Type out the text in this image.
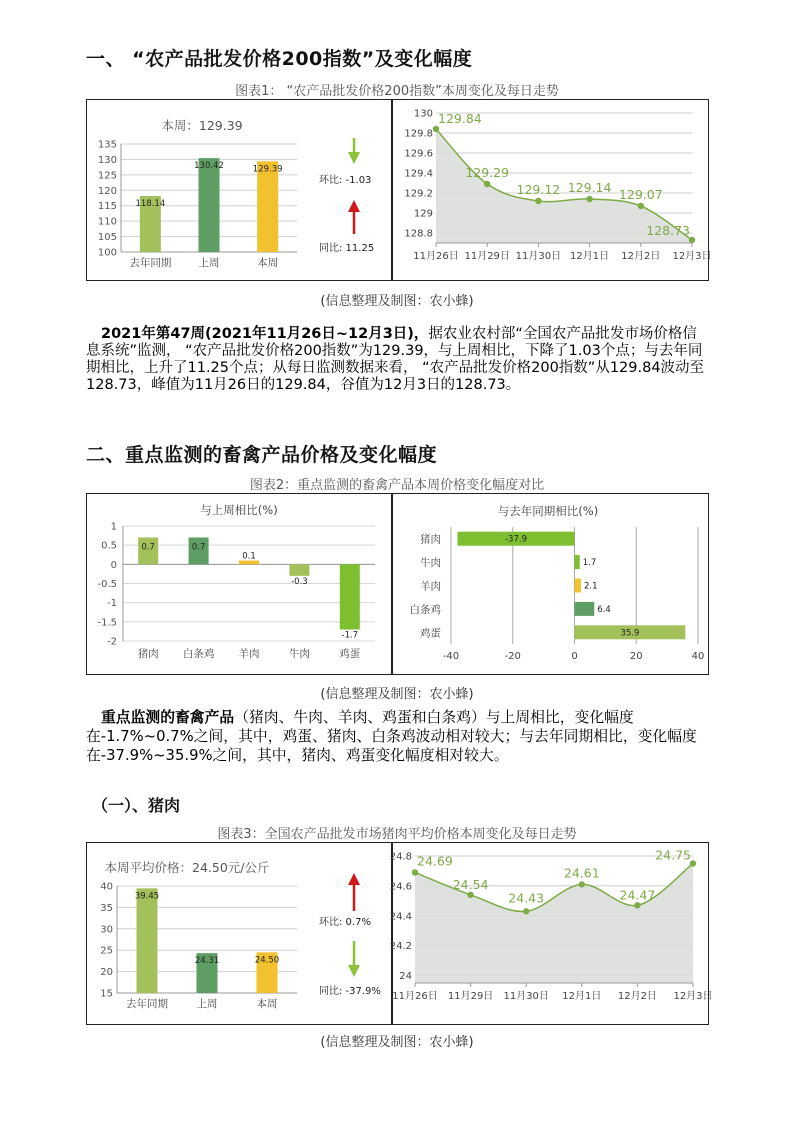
一、 “农产品批发价格200指数”及变化幅度
图表1： “农产品批发价格200指数”本周变化及每日走势
本周：129.39
100
105
110
115
120
125
130
135
118.14
去年同期
130.42
上周
129.39
本周
环比: -1.03
同比: 11.25
128.8
129
129.2
129.4
129.6
129.8
130 129.84
11月26日
129.29
11月29日
129.12
11月30日
129.14
12月1日
129.07
12月2日
128.73
12月3日
(信息整理及制图：农小蜂)
2021年第47周(2021年11月26日~12月3日)，据农业农村部“全国农产品批发市场价格信息系统”监测， “农产品批发价格200指数”为129.39，与上周相比，下降了1.03个点；与去年同期相比，上升了11.25个点；从每日监测数据来看， “农产品批发价格200指数”从129.84波动至128.73，峰值为11月26日的129.84，谷值为12月3日的128.73。
二、重点监测的畜禽产品价格及变化幅度
图表2：重点监测的畜禽产品本周价格变化幅度对比
与上周相比(%)
1
0.5
0
-0.5
-1
-1.5
-2
0.7
猪肉
0.7
白条鸡
0.1
羊肉
-0.3
牛肉
-1.7
鸡蛋
与去年同期相比(%)
-40	-20	0	20	40
-37.9
猪肉
1.7
牛肉
2.1
羊肉
6.4
白条鸡
35.9
鸡蛋
(信息整理及制图：农小蜂)
重点监测的畜禽产品（猪肉、牛肉、羊肉、鸡蛋和白条鸡）与上周相比，变化幅度在-1.7%~0.7%之间，其中，鸡蛋、猪肉、白条鸡波动相对较大；与去年同期相比，变化幅度在-37.9%~35.9%之间，其中，猪肉、鸡蛋变化幅度相对较大。
（一）、猪肉
图表3：全国农产品批发市场猪肉平均价格本周变化及每日走势
本周平均价格：24.50元/公斤
15
20
25
30
35
40
39.45
去年同期
24.31
上周
24.50
本周
环比: 0.7%
同比: -37.9%
24
24.2
24.4
24.6
24.8 24.69
11月26日
24.54
11月29日
24.43
11月30日
24.61
12月1日
24.47
12月2日
24.75
12月3日
(信息整理及制图：农小蜂)
